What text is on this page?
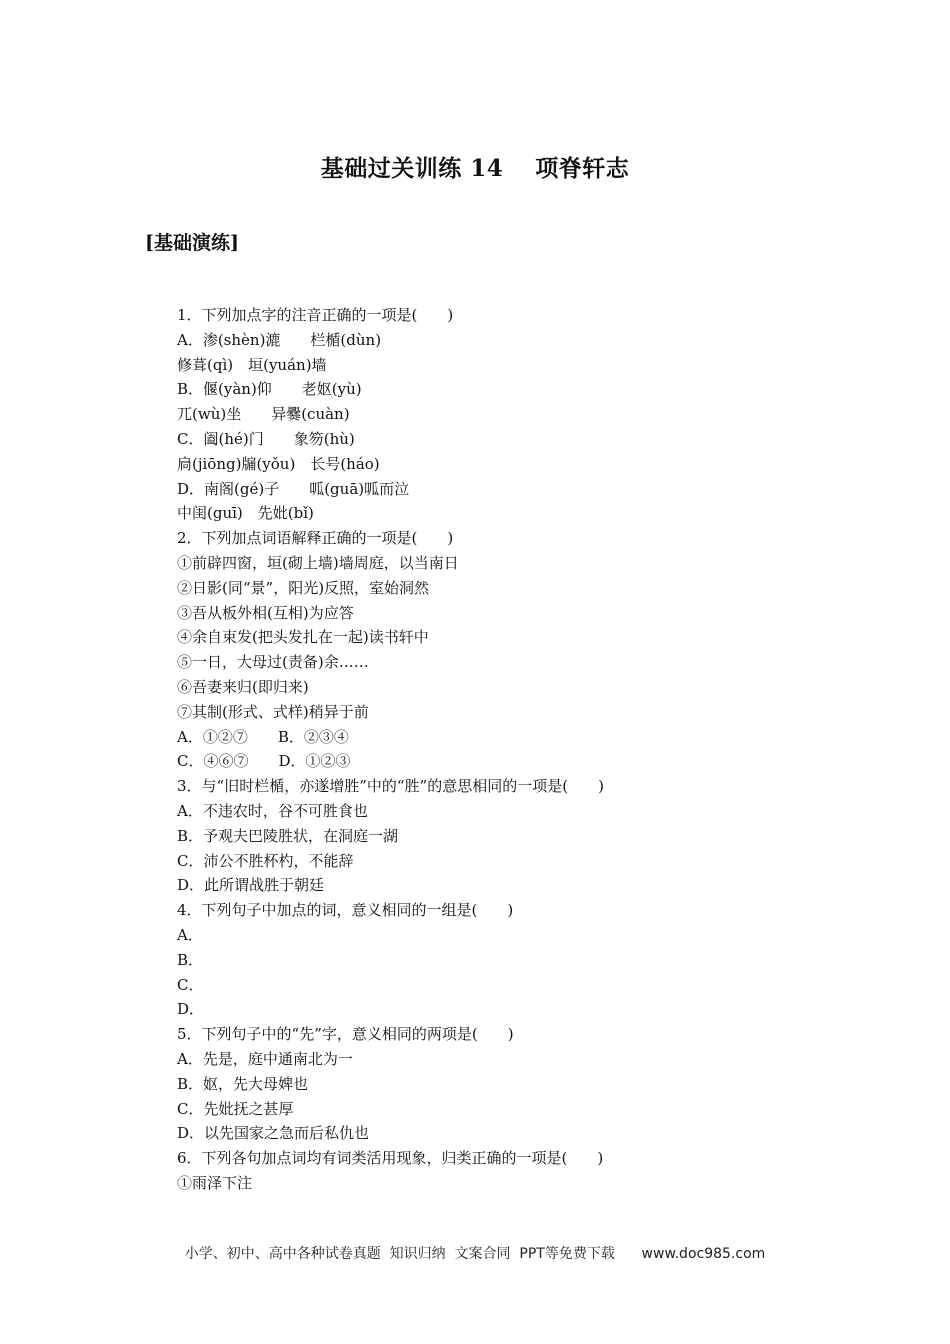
基础过关训练 14　 项脊轩志
[基础演练]
1．下列加点字的注音正确的一项是(　　)
A．渗(shèn)漉　　栏楯(dùn)
修葺(qì)　垣(yuán)墙
B．偃(yàn)仰　　老妪(yù)
兀(wù)坐　　异爨(cuàn)
C．阖(hé)门　　象笏(hù)
扃(jiōng)牖(yǒu)　长号(háo)
D．南阁(gé)子　　呱(guā)呱而泣
中闺(guī)　先妣(bǐ)
2．下列加点词语解释正确的一项是(　　)
①前辟四窗，垣(砌上墙)墙周庭，以当南日
②日影(同“景”，阳光)反照，室始洞然
③吾从板外相(互相)为应答
④余自束发(把头发扎在一起)读书轩中
⑤一日，大母过(责备)余……
⑥吾妻来归(即归来)
⑦其制(形式、式样)稍异于前
A．①②⑦　　B．②③④
C．④⑥⑦　　D．①②③
3．与“旧时栏楯，亦遂增胜”中的“胜”的意思相同的一项是(　　)
A．不违农时，谷不可胜食也
B．予观夫巴陵胜状，在洞庭一湖
C．沛公不胜杯杓，不能辞
D．此所谓战胜于朝廷
4．下列句子中加点的词，意义相同的一组是(　　)
A．
B．
C．
D．
5．下列句子中的“先”字，意义相同的两项是(　　)
A．先是，庭中通南北为一
B．妪，先大母婢也
C．先妣抚之甚厚
D．以先国家之急而后私仇也
6．下列各句加点词均有词类活用现象，归类正确的一项是(　　)
①雨泽下注
小学、初中、高中各种试卷真题  知识归纳  文案合同  PPT等免费下载      www.doc985.com
